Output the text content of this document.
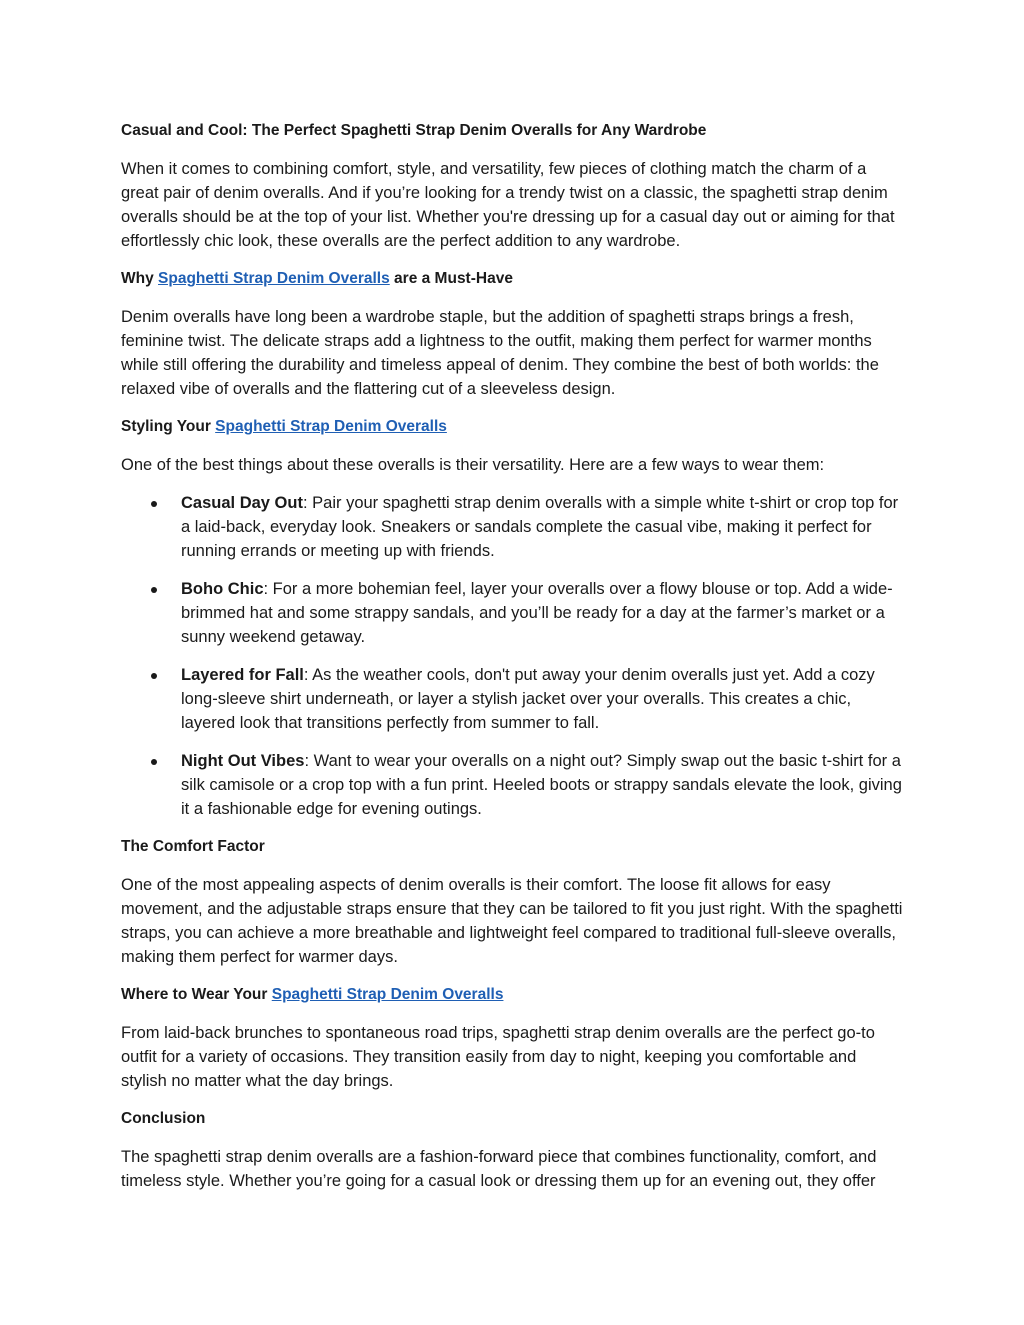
Casual and Cool: The Perfect Spaghetti Strap Denim Overalls for Any Wardrobe

When it comes to combining comfort, style, and versatility, few pieces of clothing match the charm of a great pair of denim overalls. And if you’re looking for a trendy twist on a classic, the spaghetti strap denim overalls should be at the top of your list. Whether you're dressing up for a casual day out or aiming for that effortlessly chic look, these overalls are the perfect addition to any wardrobe.

Why Spaghetti Strap Denim Overalls are a Must-Have

Denim overalls have long been a wardrobe staple, but the addition of spaghetti straps brings a fresh, feminine twist. The delicate straps add a lightness to the outfit, making them perfect for warmer months while still offering the durability and timeless appeal of denim. They combine the best of both worlds: the relaxed vibe of overalls and the flattering cut of a sleeveless design.

Styling Your Spaghetti Strap Denim Overalls

One of the best things about these overalls is their versatility. Here are a few ways to wear them:

Casual Day Out: Pair your spaghetti strap denim overalls with a simple white t-shirt or crop top for a laid-back, everyday look. Sneakers or sandals complete the casual vibe, making it perfect for running errands or meeting up with friends.
Boho Chic: For a more bohemian feel, layer your overalls over a flowy blouse or top. Add a wide-brimmed hat and some strappy sandals, and you’ll be ready for a day at the farmer’s market or a sunny weekend getaway.
Layered for Fall: As the weather cools, don't put away your denim overalls just yet. Add a cozy long-sleeve shirt underneath, or layer a stylish jacket over your overalls. This creates a chic, layered look that transitions perfectly from summer to fall.
Night Out Vibes: Want to wear your overalls on a night out? Simply swap out the basic t-shirt for a silk camisole or a crop top with a fun print. Heeled boots or strappy sandals elevate the look, giving it a fashionable edge for evening outings.
The Comfort Factor

One of the most appealing aspects of denim overalls is their comfort. The loose fit allows for easy movement, and the adjustable straps ensure that they can be tailored to fit you just right. With the spaghetti straps, you can achieve a more breathable and lightweight feel compared to traditional full-sleeve overalls, making them perfect for warmer days.

Where to Wear Your Spaghetti Strap Denim Overalls

From laid-back brunches to spontaneous road trips, spaghetti strap denim overalls are the perfect go-to outfit for a variety of occasions. They transition easily from day to night, keeping you comfortable and stylish no matter what the day brings.

Conclusion

The spaghetti strap denim overalls are a fashion-forward piece that combines functionality, comfort, and timeless style. Whether you’re going for a casual look or dressing them up for an evening out, they offer
